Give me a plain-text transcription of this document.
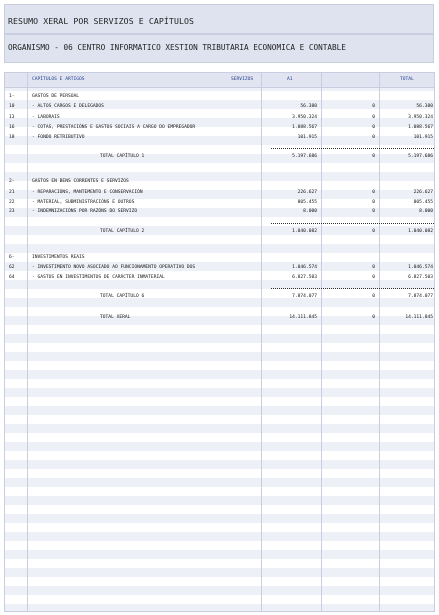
RESUMO XERAL POR SERVIZOS E CAPÍTULOS
ORGANISMO - 06 CENTRO INFORMATICO XESTION TRIBUTARIA ECONOMICA E CONTABLE
CAPÍTULOS E ARTIGOS	SERVIZOS	A1	TOTAL
1-	GASTOS DE PERSOAL
10	- ALTOS CARGOS E DELEGADOS	56.380	0	56.380
13	- LABORAIS	3.950.324	0	3.950.324
16	- COTAS, PRESTACIÓNS E GASTOS SOCIAIS A CARGO DO EMPREGADOR	1.088.567	0	1.088.567
18	- FONDO RETRIBUTIVO	101.915	0	101.915
TOTAL CAPÍTULO 1	5.197.686	0	5.197.686
2-	GASTOS EN BENS CORRENTES E SERVIZOS
21	- REPARACIÓNS, MANTEMENTO E CONSERVACIÓN	226.627	0	226.627
22	- MATERIAL, SUBMINISTRACIÓNS E OUTROS	805.455	0	805.455
23	- INDEMNIZACIÓNS POR RAZÓNS DO SERVIZO	8.000	0	8.000
TOTAL CAPÍTULO 2	1.040.082	0	1.040.082
6-	INVESTIMENTOS REAIS
62	- INVESTIMENTO NOVO ASOCIADO AO FUNCIONAMENTO OPERATIVO DOS	1.046.574	0	1.046.574
64	- GASTOS EN INVESTIMENTOS DE CARÁCTER INMATERIAL	6.827.503	0	6.827.503
TOTAL CAPÍTULO 6	7.874.077	0	7.874.077
TOTAL XERAL	14.111.845	0	14.111.845
